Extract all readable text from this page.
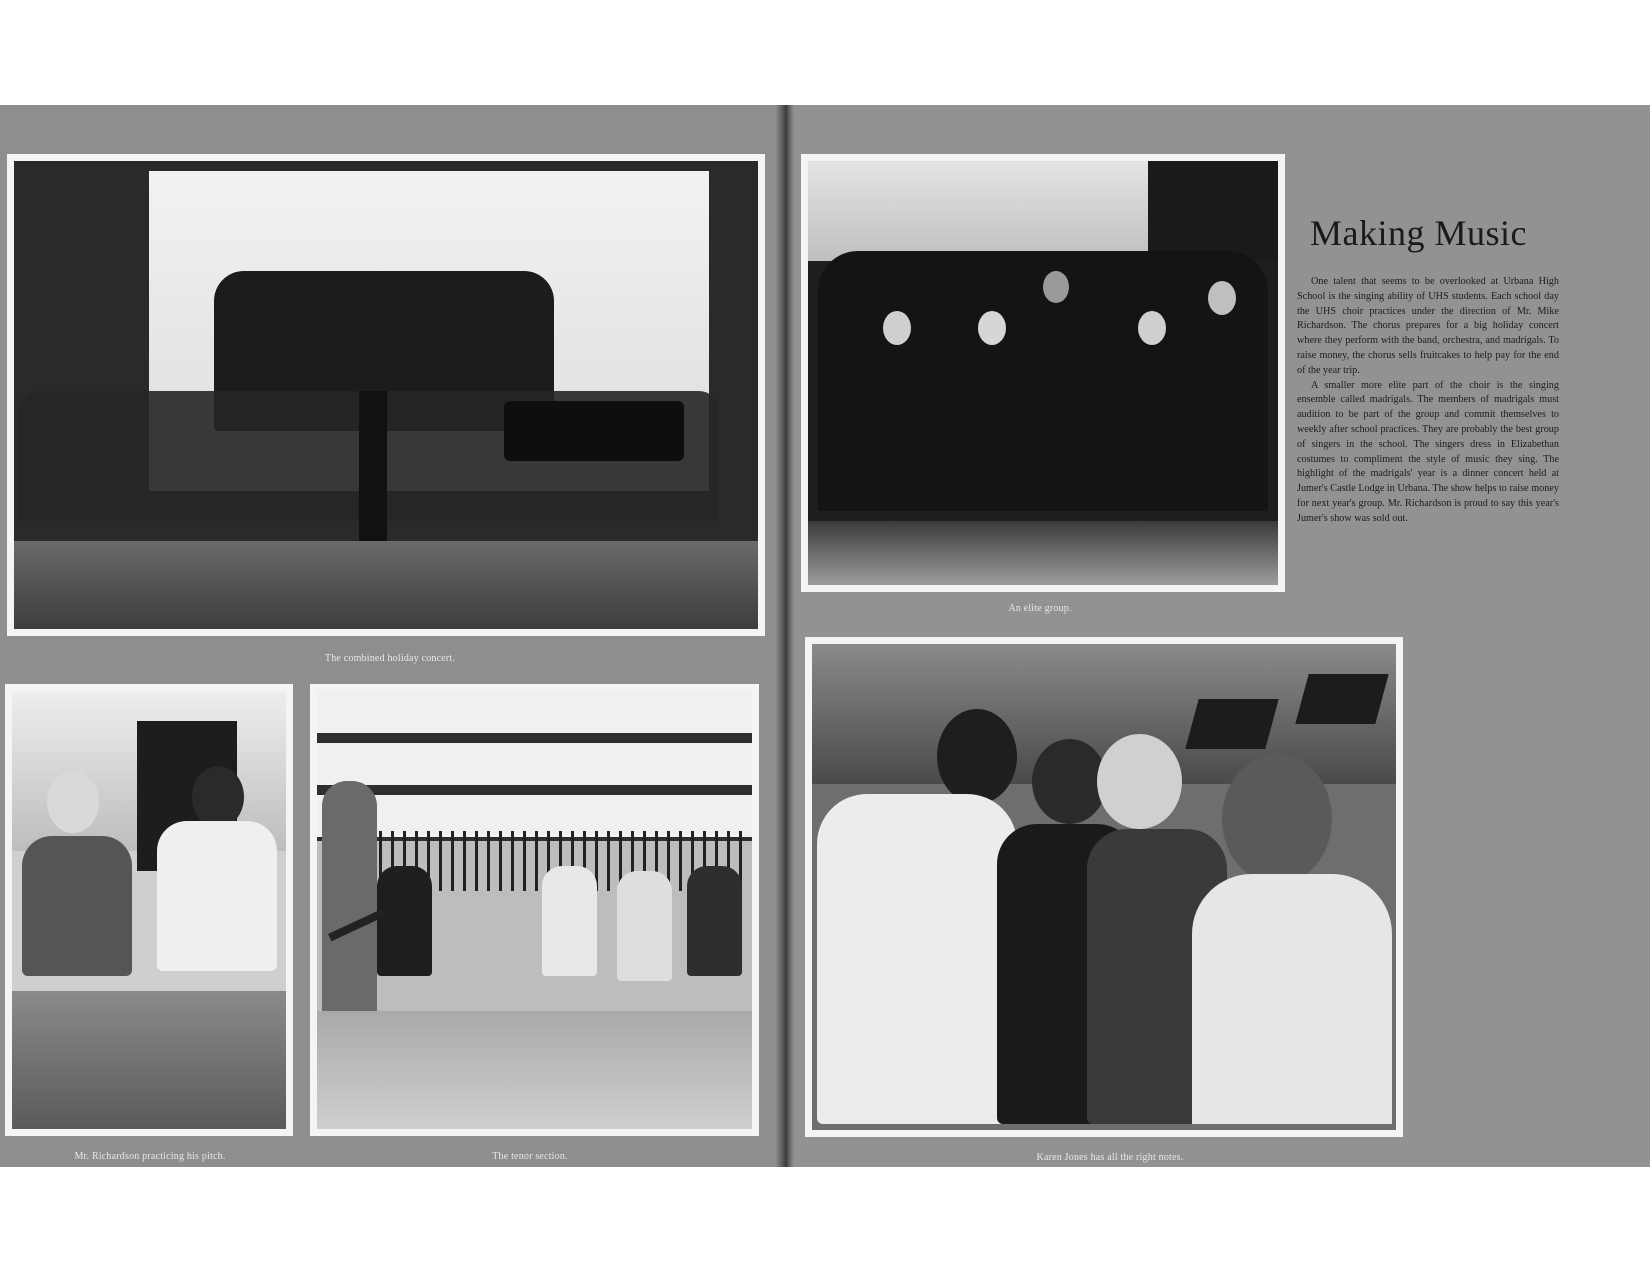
The combined holiday concert.
An elite group.
Making Music

One talent that seems to be overlooked at Urbana High School is the singing ability of UHS students. Each school day the UHS choir practices under the direction of Mr. Mike Richardson. The chorus prepares for a big holiday concert where they perform with the band, orchestra, and madrigals. To raise money, the chorus sells fruitcakes to help pay for the end of the year trip.

A smaller more elite part of the choir is the singing ensemble called madrigals. The members of madrigals must audition to be part of the group and commit themselves to weekly after school practices. They are probably the best group of singers in the school. The singers dress in Elizabethan costumes to compliment the style of music they sing. The highlight of the madrigals' year is a dinner concert held at Jumer's Castle Lodge in Urbana. The show helps to raise money for next year's group. Mr. Richardson is proud to say this year's Jumer's show was sold out.

Mr. Richardson practicing his pitch.	The tenor section.	Karen Jones has all the right notes.
